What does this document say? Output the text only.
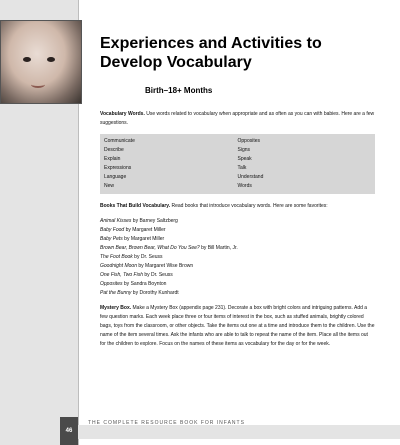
Experiences and Activities to Develop Vocabulary
Birth–18+ Months

Vocabulary Words. Use words related to vocabulary when appropriate and as often as you can with babies. Here are a few suggestions.

Communicate
Describe
Explain
Expressions
Language
New
Opposites
Signs
Speak
Talk
Understand
Words

Books That Build Vocabulary. Read books that introduce vocabulary words. Here are some favorites:

Animal Kisses by Barney Saltzberg
Baby Food by Margaret Miller
Baby Pets by Margaret Miller
Brown Bear, Brown Bear, What Do You See? by Bill Martin, Jr.
The Foot Book by Dr. Seuss
Goodnight Moon by Margaret Wise Brown
One Fish, Two Fish by Dr. Seuss
Opposites by Sandra Boynton
Pat the Bunny by Dorothy Kunhardt

Mystery Box. Make a Mystery Box (appendix page 231). Decorate a box with bright colors and intriguing patterns. Add a few question marks. Each week place three or four items of interest in the box, such as stuffed animals, brightly colored bags, toys from the classroom, or other objects. Take the items out one at a time and introduce them to the children. Use the name of the item several times. Ask the infants who are able to talk to repeat the name of the item. Place all the items out for the children to explore. Focus on the names of these items as vocabulary for the day or for the week.

46
THE COMPLETE RESOURCE BOOK FOR INFANTS
